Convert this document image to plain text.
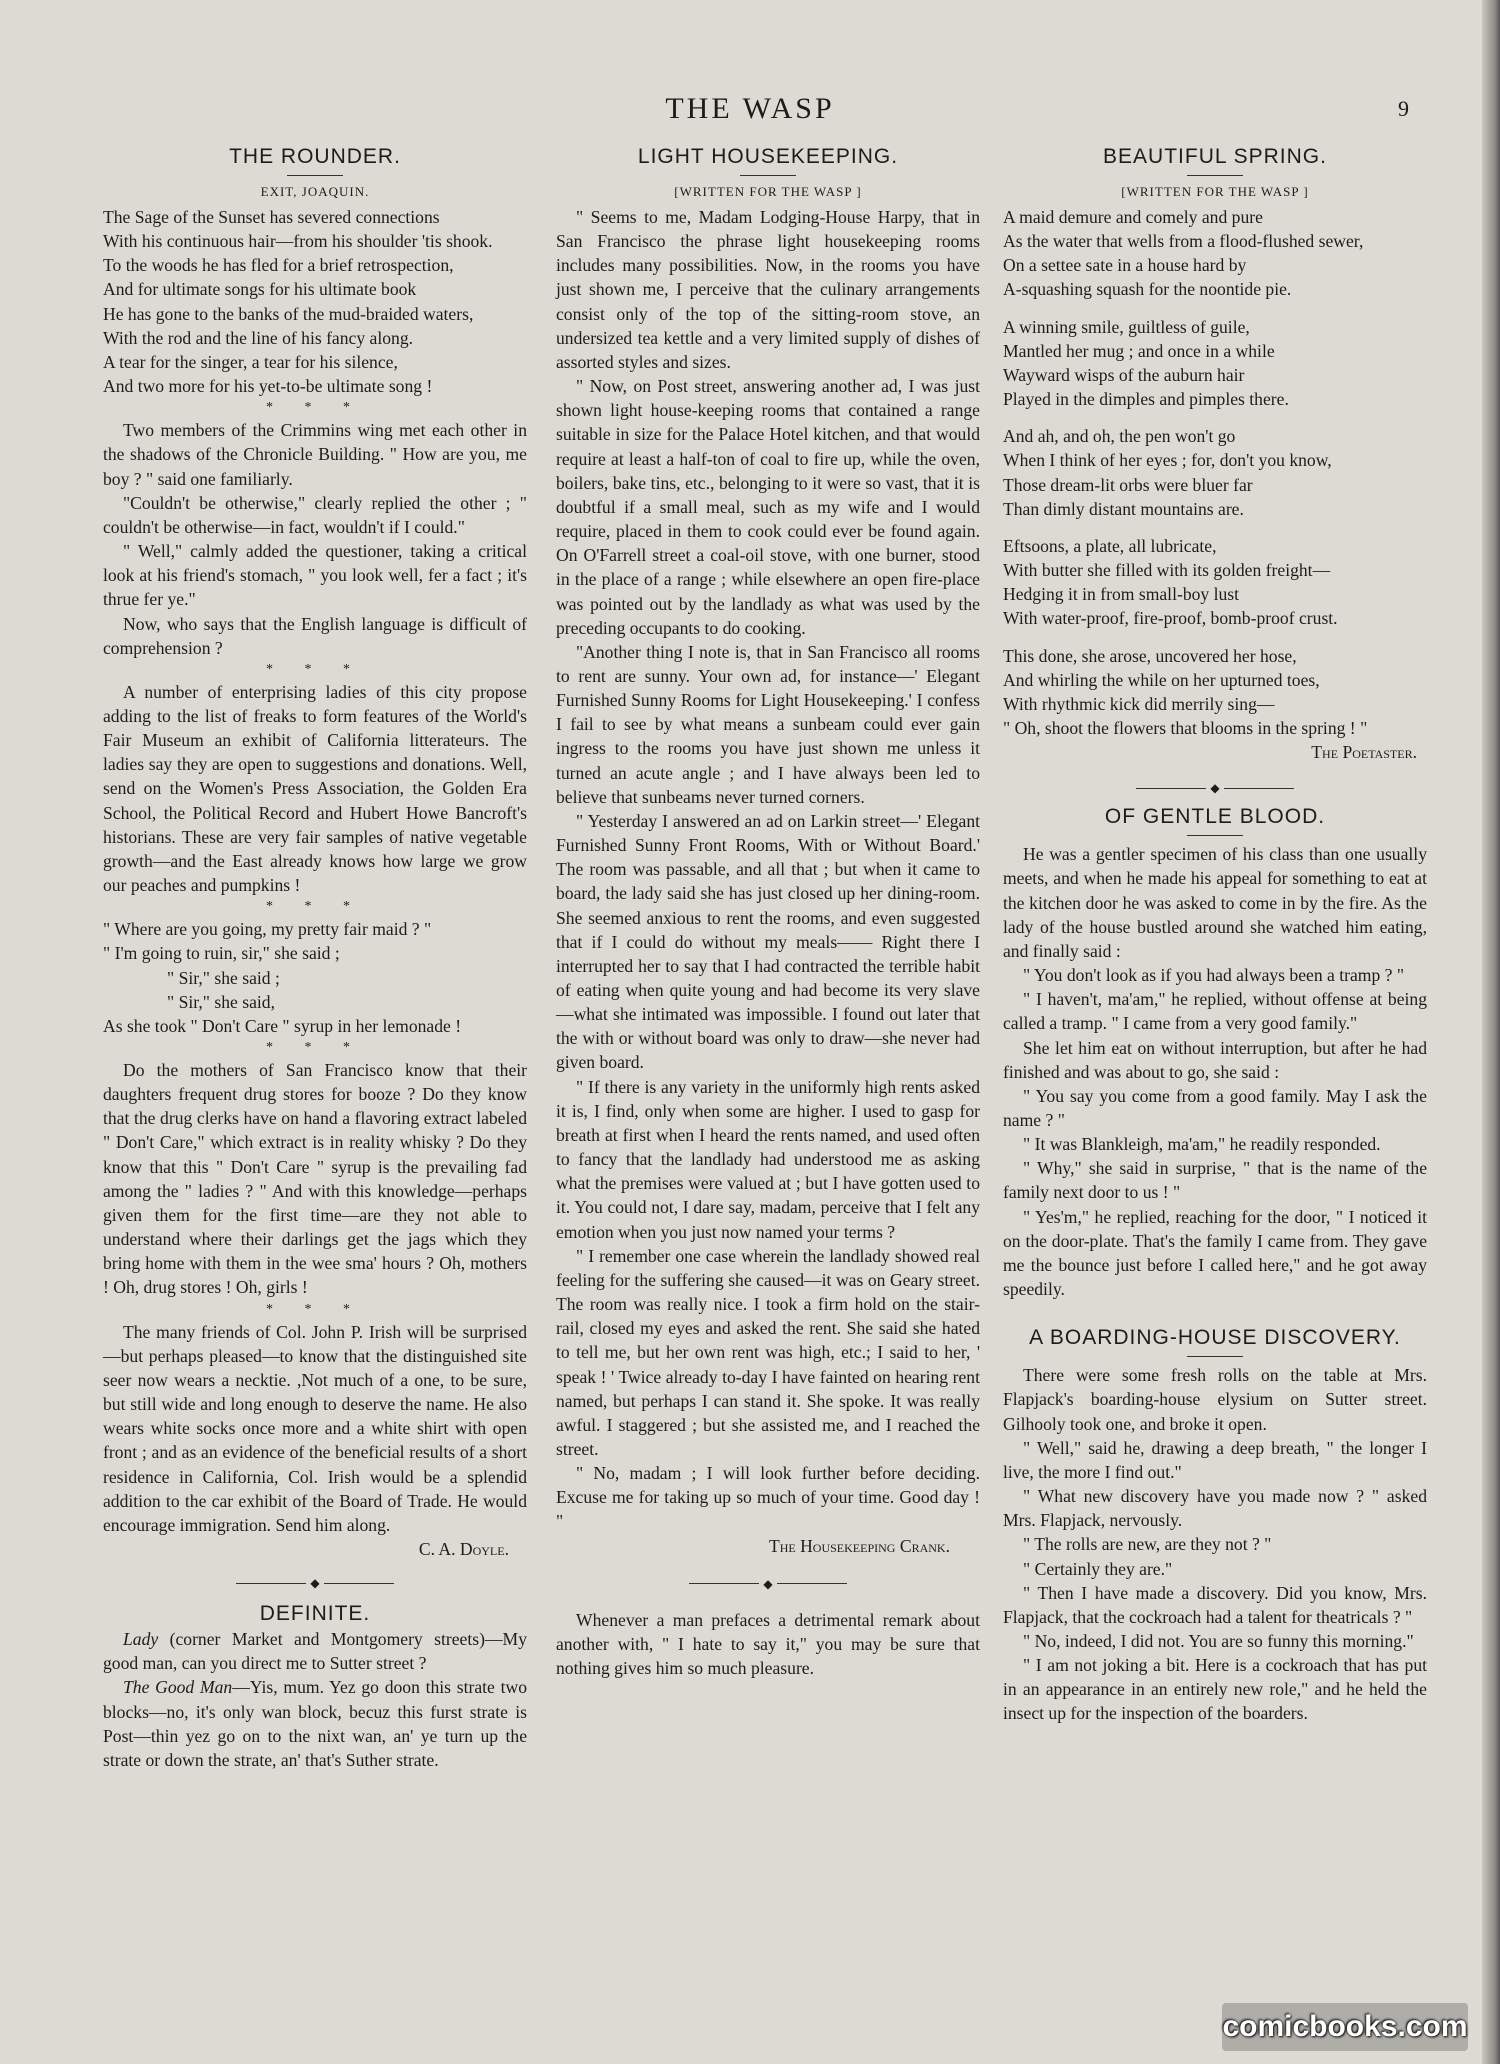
THE WASP	9

THE ROUNDER.

EXIT, JOAQUIN.

The Sage of the Sunset has severed connections

With his continuous hair—from his shoulder 'tis shook.

To the woods he has fled for a brief retrospection,

And for ultimate songs for his ultimate book

He has gone to the banks of the mud-braided waters,

With the rod and the line of his fancy along.

A tear for the singer, a tear for his silence,

And two more for his yet-to-be ultimate song !

* * *

Two members of the Crimmins wing met each other in the shadows of the Chronicle Building. " How are you, me boy ? " said one familiarly.

"Couldn't be otherwise," clearly replied the other ; " couldn't be otherwise—in fact, wouldn't if I could."

" Well," calmly added the questioner, taking a critical look at his friend's stomach, " you look well, fer a fact ; it's thrue fer ye."

Now, who says that the English language is difficult of comprehension ?

* * *

A number of enterprising ladies of this city propose adding to the list of freaks to form features of the World's Fair Museum an exhibit of California litterateurs. The ladies say they are open to suggestions and donations. Well, send on the Women's Press Association, the Golden Era School, the Political Record and Hubert Howe Bancroft's historians. These are very fair samples of native vegetable growth—and the East already knows how large we grow our peaches and pumpkins !

* * *

" Where are you going, my pretty fair maid ? "

" I'm going to ruin, sir," she said ;

" Sir," she said ;

" Sir," she said,

As she took " Don't Care " syrup in her lemonade !

* * *

Do the mothers of San Francisco know that their daughters frequent drug stores for booze ? Do they know that the drug clerks have on hand a flavoring extract labeled " Don't Care," which extract is in reality whisky ? Do they know that this " Don't Care " syrup is the prevailing fad among the " ladies ? " And with this knowledge—perhaps given them for the first time—are they not able to understand where their darlings get the jags which they bring home with them in the wee sma' hours ? Oh, mothers ! Oh, drug stores ! Oh, girls !

* * *

The many friends of Col. John P. Irish will be surprised—but perhaps pleased—to know that the distinguished site seer now wears a necktie. ,Not much of a one, to be sure, but still wide and long enough to deserve the name. He also wears white socks once more and a white shirt with open front ; and as an evidence of the beneficial results of a short residence in California, Col. Irish would be a splendid addition to the car exhibit of the Board of Trade. He would encourage immigration. Send him along.

C. A. Doyle.

◆

DEFINITE.

Lady (corner Market and Montgomery streets)—My good man, can you direct me to Sutter street ?

The Good Man—Yis, mum. Yez go doon this strate two blocks—no, it's only wan block, becuz this furst strate is Post—thin yez go on to the nixt wan, an' ye turn up the strate or down the strate, an' that's Suther strate.

LIGHT HOUSEKEEPING.

[WRITTEN FOR THE WASP ]

" Seems to me, Madam Lodging-House Harpy, that in San Francisco the phrase light housekeeping rooms includes many possibilities. Now, in the rooms you have just shown me, I perceive that the culinary arrangements consist only of the top of the sitting-room stove, an undersized tea kettle and a very limited supply of dishes of assorted styles and sizes.

" Now, on Post street, answering another ad, I was just shown light house-keeping rooms that contained a range suitable in size for the Palace Hotel kitchen, and that would require at least a half-ton of coal to fire up, while the oven, boilers, bake tins, etc., belonging to it were so vast, that it is doubtful if a small meal, such as my wife and I would require, placed in them to cook could ever be found again. On O'Farrell street a coal-oil stove, with one burner, stood in the place of a range ; while elsewhere an open fire-place was pointed out by the landlady as what was used by the preceding occupants to do cooking.

"Another thing I note is, that in San Francisco all rooms to rent are sunny. Your own ad, for instance—' Elegant Furnished Sunny Rooms for Light Housekeeping.' I confess I fail to see by what means a sunbeam could ever gain ingress to the rooms you have just shown me unless it turned an acute angle ; and I have always been led to believe that sunbeams never turned corners.

" Yesterday I answered an ad on Larkin street—' Elegant Furnished Sunny Front Rooms, With or Without Board.' The room was passable, and all that ; but when it came to board, the lady said she has just closed up her dining-room. She seemed anxious to rent the rooms, and even suggested that if I could do without my meals—— Right there I interrupted her to say that I had contracted the terrible habit of eating when quite young and had become its very slave—what she intimated was impossible. I found out later that the with or without board was only to draw—she never had given board.

" If there is any variety in the uniformly high rents asked it is, I find, only when some are higher. I used to gasp for breath at first when I heard the rents named, and used often to fancy that the landlady had understood me as asking what the premises were valued at ; but I have gotten used to it. You could not, I dare say, madam, perceive that I felt any emotion when you just now named your terms ?

" I remember one case wherein the landlady showed real feeling for the suffering she caused—it was on Geary street. The room was really nice. I took a firm hold on the stair-rail, closed my eyes and asked the rent. She said she hated to tell me, but her own rent was high, etc.; I said to her, ' speak ! ' Twice already to-day I have fainted on hearing rent named, but perhaps I can stand it. She spoke. It was really awful. I staggered ; but she assisted me, and I reached the street.

" No, madam ; I will look further before deciding. Excuse me for taking up so much of your time. Good day ! "

The Housekeeping Crank.

◆

Whenever a man prefaces a detrimental remark about another with, " I hate to say it," you may be sure that nothing gives him so much pleasure.

BEAUTIFUL SPRING.

[WRITTEN FOR THE WASP ]

A maid demure and comely and pure

As the water that wells from a flood-flushed sewer,

On a settee sate in a house hard by

A-squashing squash for the noontide pie.

A winning smile, guiltless of guile,

Mantled her mug ; and once in a while

Wayward wisps of the auburn hair

Played in the dimples and pimples there.

And ah, and oh, the pen won't go

When I think of her eyes ; for, don't you know,

Those dream-lit orbs were bluer far

Than dimly distant mountains are.

Eftsoons, a plate, all lubricate,

With butter she filled with its golden freight—

Hedging it in from small-boy lust

With water-proof, fire-proof, bomb-proof crust.

This done, she arose, uncovered her hose,

And whirling the while on her upturned toes,

With rhythmic kick did merrily sing—

" Oh, shoot the flowers that blooms in the spring ! "

The Poetaster.

◆

OF GENTLE BLOOD.

He was a gentler specimen of his class than one usually meets, and when he made his appeal for something to eat at the kitchen door he was asked to come in by the fire. As the lady of the house bustled around she watched him eating, and finally said :

" You don't look as if you had always been a tramp ? "

" I haven't, ma'am," he replied, without offense at being called a tramp. " I came from a very good family."

She let him eat on without interruption, but after he had finished and was about to go, she said :

" You say you come from a good family. May I ask the name ? "

" It was Blankleigh, ma'am," he readily responded.

" Why," she said in surprise, " that is the name of the family next door to us ! "

" Yes'm," he replied, reaching for the door, " I noticed it on the door-plate. That's the family I came from. They gave me the bounce just before I called here," and he got away speedily.

A BOARDING-HOUSE DISCOVERY.

There were some fresh rolls on the table at Mrs. Flapjack's boarding-house elysium on Sutter street. Gilhooly took one, and broke it open.

" Well," said he, drawing a deep breath, " the longer I live, the more I find out."

" What new discovery have you made now ? " asked Mrs. Flapjack, nervously.

" The rolls are new, are they not ? "

" Certainly they are."

" Then I have made a discovery. Did you know, Mrs. Flapjack, that the cockroach had a talent for theatricals ? "

" No, indeed, I did not. You are so funny this morning."

" I am not joking a bit. Here is a cockroach that has put in an appearance in an entirely new role," and he held the insect up for the inspection of the boarders.

comicbooks.com
